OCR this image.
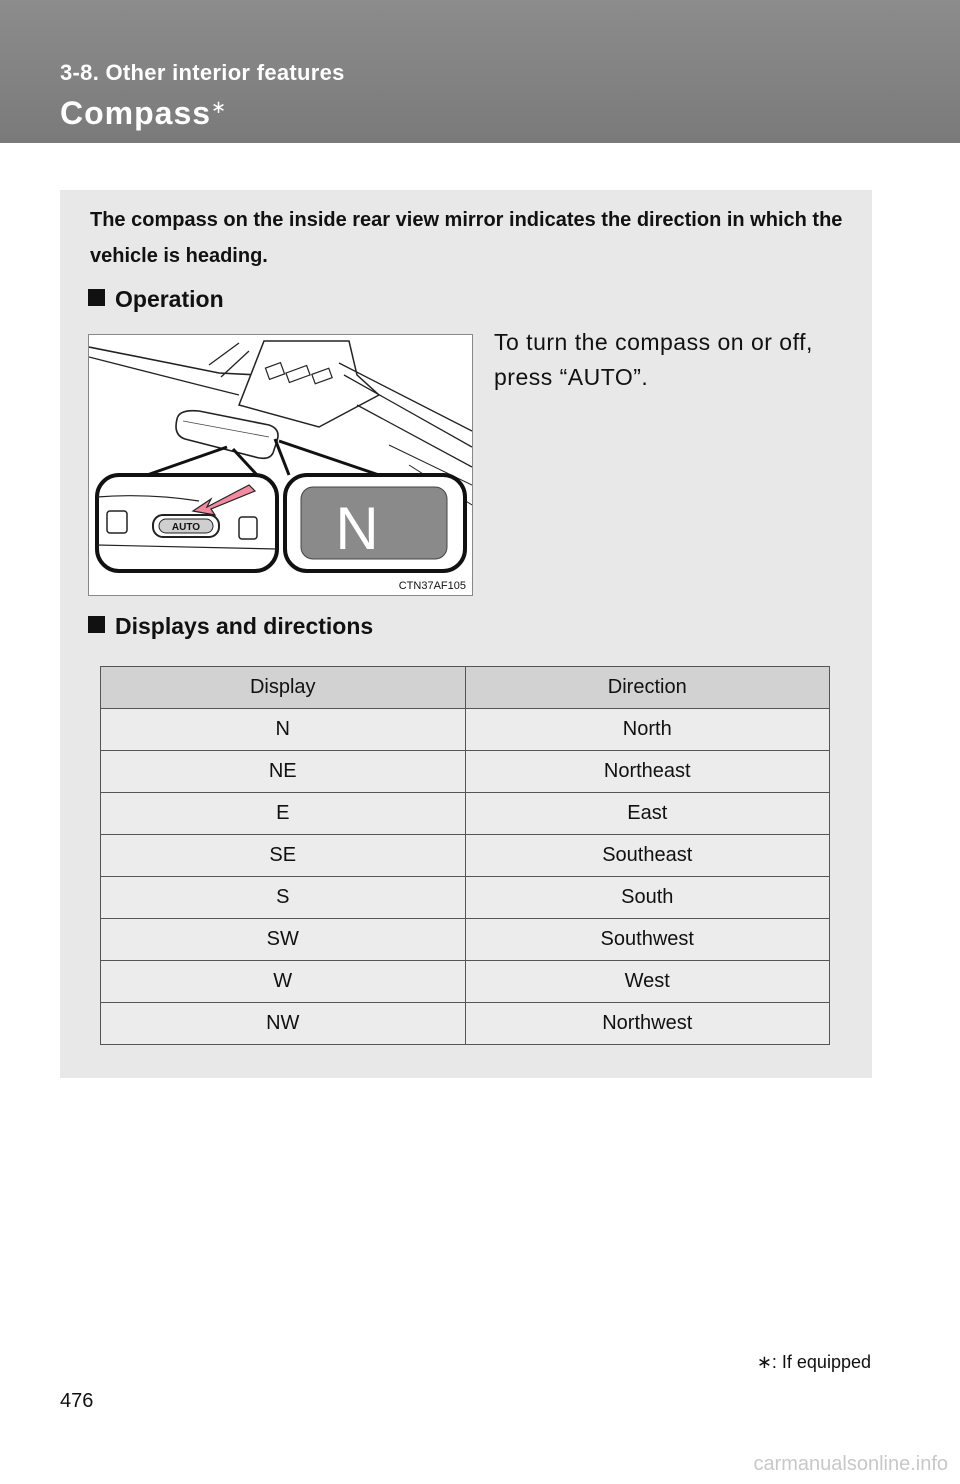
3-8. Other interior features
Compass∗
The compass on the inside rear view mirror indicates the direction in which the vehicle is heading.
Operation
AUTO N
CTN37AF105
To turn the compass on or off, press “AUTO”.
Displays and directions
Display	Direction
N	North
NE	Northeast
E	East
SE	Southeast
S	South
SW	Southwest
W	West
NW	Northwest
∗: If equipped
476
carmanualsonline.info
